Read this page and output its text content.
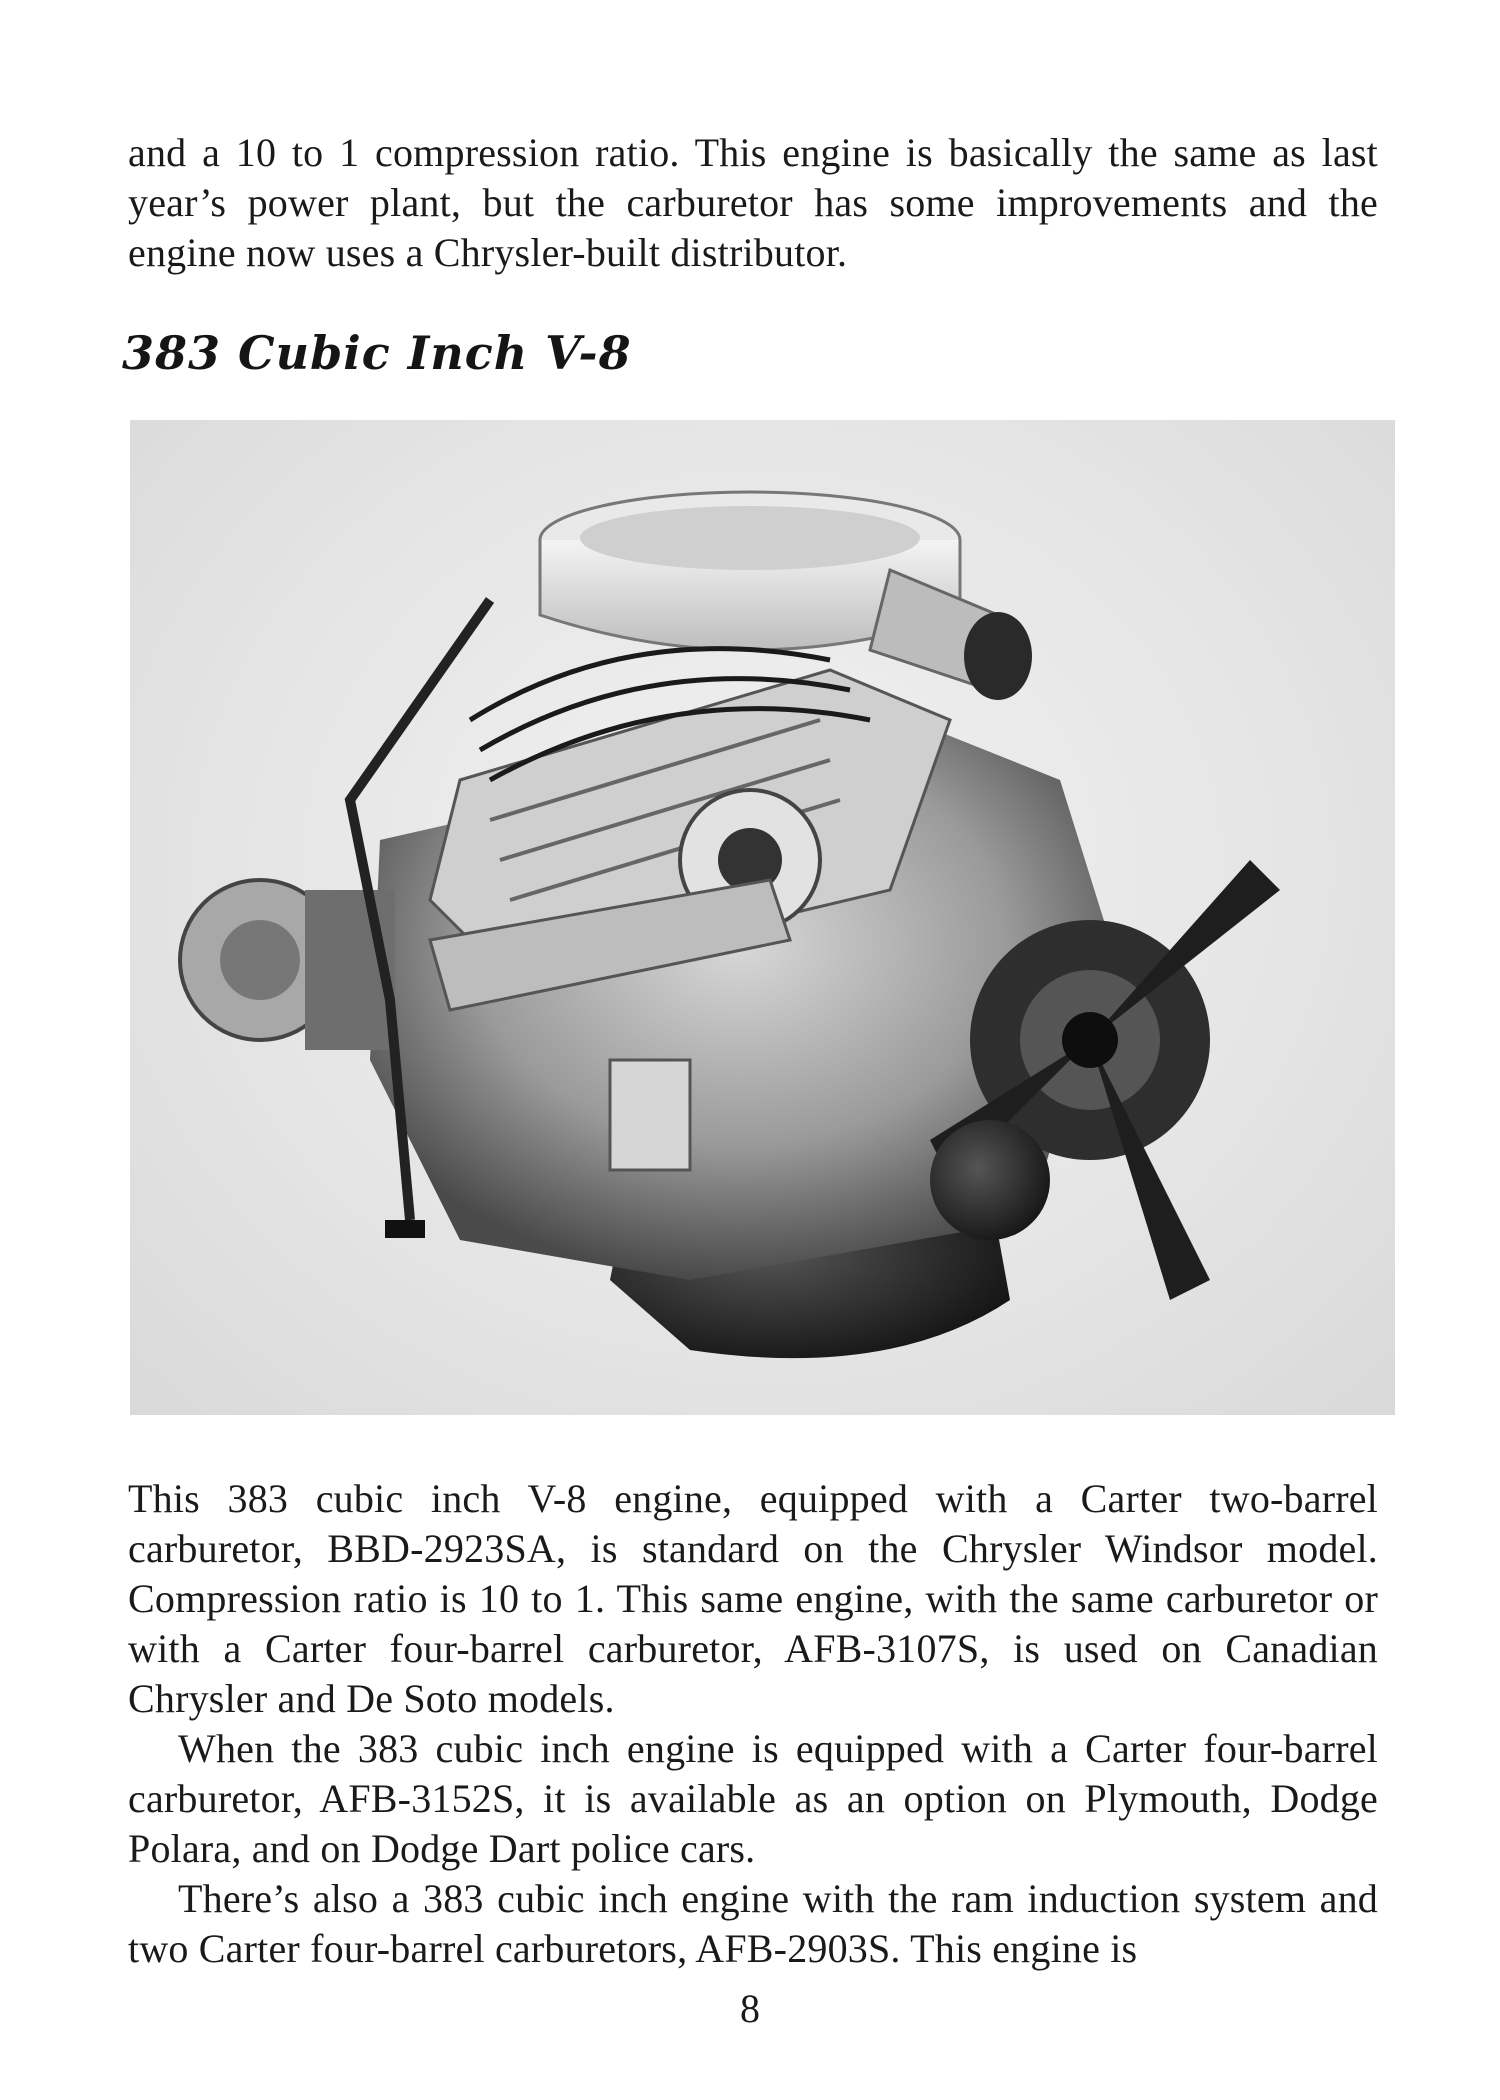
and a 10 to 1 compression ratio. This engine is basically the same as last year’s power plant, but the carburetor has some improvements and the engine now uses a Chrysler-built distributor.

383 Cubic Inch V-8

This 383 cubic inch V-8 engine, equipped with a Carter two-barrel carburetor, BBD-2923SA, is standard on the Chrysler Windsor model. Compression ratio is 10 to 1. This same engine, with the same carburetor or with a Carter four-barrel carburetor, AFB-3107S, is used on Canadian Chrysler and De Soto models.

When the 383 cubic inch engine is equipped with a Carter four-barrel carburetor, AFB-3152S, it is available as an option on Plymouth, Dodge Polara, and on Dodge Dart police cars.

There’s also a 383 cubic inch engine with the ram induction system and two Carter four-barrel carburetors, AFB-2903S. This engine is

8
